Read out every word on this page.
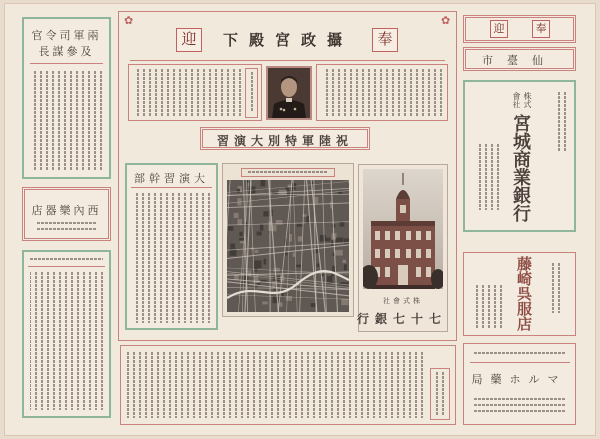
兩軍司令官
及參謀長
西內樂器店
✿
✿
迎	攝政宮殿下	奉
祝陸軍特別大演習
大演習幹部
株式會社
七十七銀行
迎	奉
仙臺市
株式會社
宮城商業銀行
藤崎呉服店
マルホ藥局
